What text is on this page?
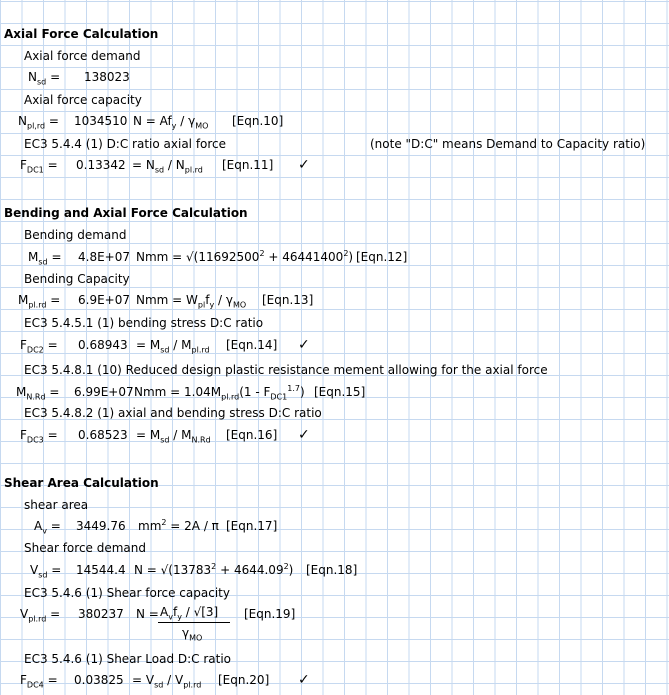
Axial Force Calculation
Axial force demand
$N_{sd} = 138023$
Axial force capacity
$N_{pl,rd} = 1034510$ $N = Af_y / \gamma_{MO}$ [Eqn.10]
EC3 5.4.4 (1) D:C ratio axial force	(note "D:C" means Demand to Capacity ratio)
$F_{DC1} = 0.13342 = N_{sd} / N_{pl.rd}$ [Eqn.11] ✓
Bending and Axial Force Calculation
Bending demand
$M_{sd} = 4.8E+07$ Nmm = $√(11692500^2 + 46441400^2)$ [Eqn.12]
Bending Capacity
$M_{pl.rd} = 6.9E+07$ Nmm = $W_{pl}f_y / \gamma_{MO}$ [Eqn.13]
EC3 5.4.5.1 (1) bending stress D:C ratio
$F_{DC2} = 0.68943 = M_{sd} / M_{pl.rd}$ [Eqn.14] ✓
EC3 5.4.8.1 (10) Reduced design plastic resistance mement allowing for the axial force
$M_{N.Rd} = 6.99E+07$ Nmm = $1.04M_{pl.rd}(1 - F_{DC1}^{1.7})$ [Eqn.15]
EC3 5.4.8.2 (1) axial and bending stress D:C ratio
$F_{DC3} = 0.68523 = M_{sd} / M_{N.Rd}$ [Eqn.16] ✓
Shear Area Calculation
shear area
$A_v = 3449.76$ $mm^2 = 2A / \pi$ [Eqn.17]
Shear force demand
$V_{sd} = 14544.4$ $N = √(13783^2 + 4644.09^2)$ [Eqn.18]
EC3 5.4.6 (1) Shear force capacity
$V_{pl.rd} = 380237$ $N = A_vf_y / √[3]$
$\gamma_{MO}$
[Eqn.19]
EC3 5.4.6 (1) Shear Load D:C ratio
$F_{DC4} = 0.03825 = V_{sd} / V_{pl.rd}$ [Eqn.20] ✓
